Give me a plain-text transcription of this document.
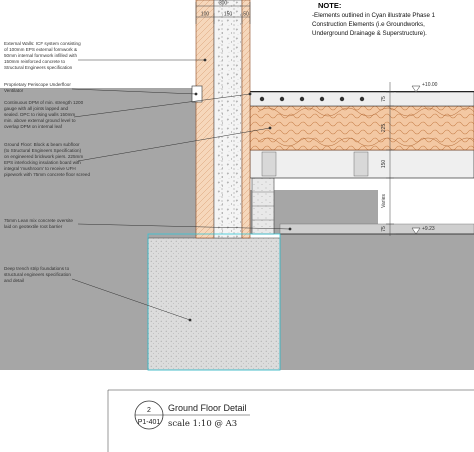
300
100	150 50
75
225
150
Varies
75
+10.00
+9.23
External Walls: ICF system consisting
of 100mm EPS external formwork &
50mm internal formwork infilled with
150mm reinforced concrete to
Structural Engineers specification
Proprietary Periscope Underfloor
Ventilator
Continuous DPM of min. strength 1200
gauge with all joints lapped and
sealed. DPC to rising walls 150mm
min. above external ground level to
overlap DPM on internal leaf
Ground Floor: Block & beam subfloor
(to Structural Engineers Specification)
on engineered brickwork piers. 225mm
EPS interlocking insulation board with
integral 'mushroom' to receive UFH
pipework with 75mm concrete floor screed
75mm Lean mix concrete oversite
laid on geotextile root barrier
Deep trench strip foundations to
structural engineers specification
and detail
NOTE:
-Elements outlined in Cyan illustrate Phase 1
Construction Elements (i.e Groundworks,
Underground Drainage & Superstructure).
2
P1-401
Ground Floor Detail
scale 1:10 @ A3
